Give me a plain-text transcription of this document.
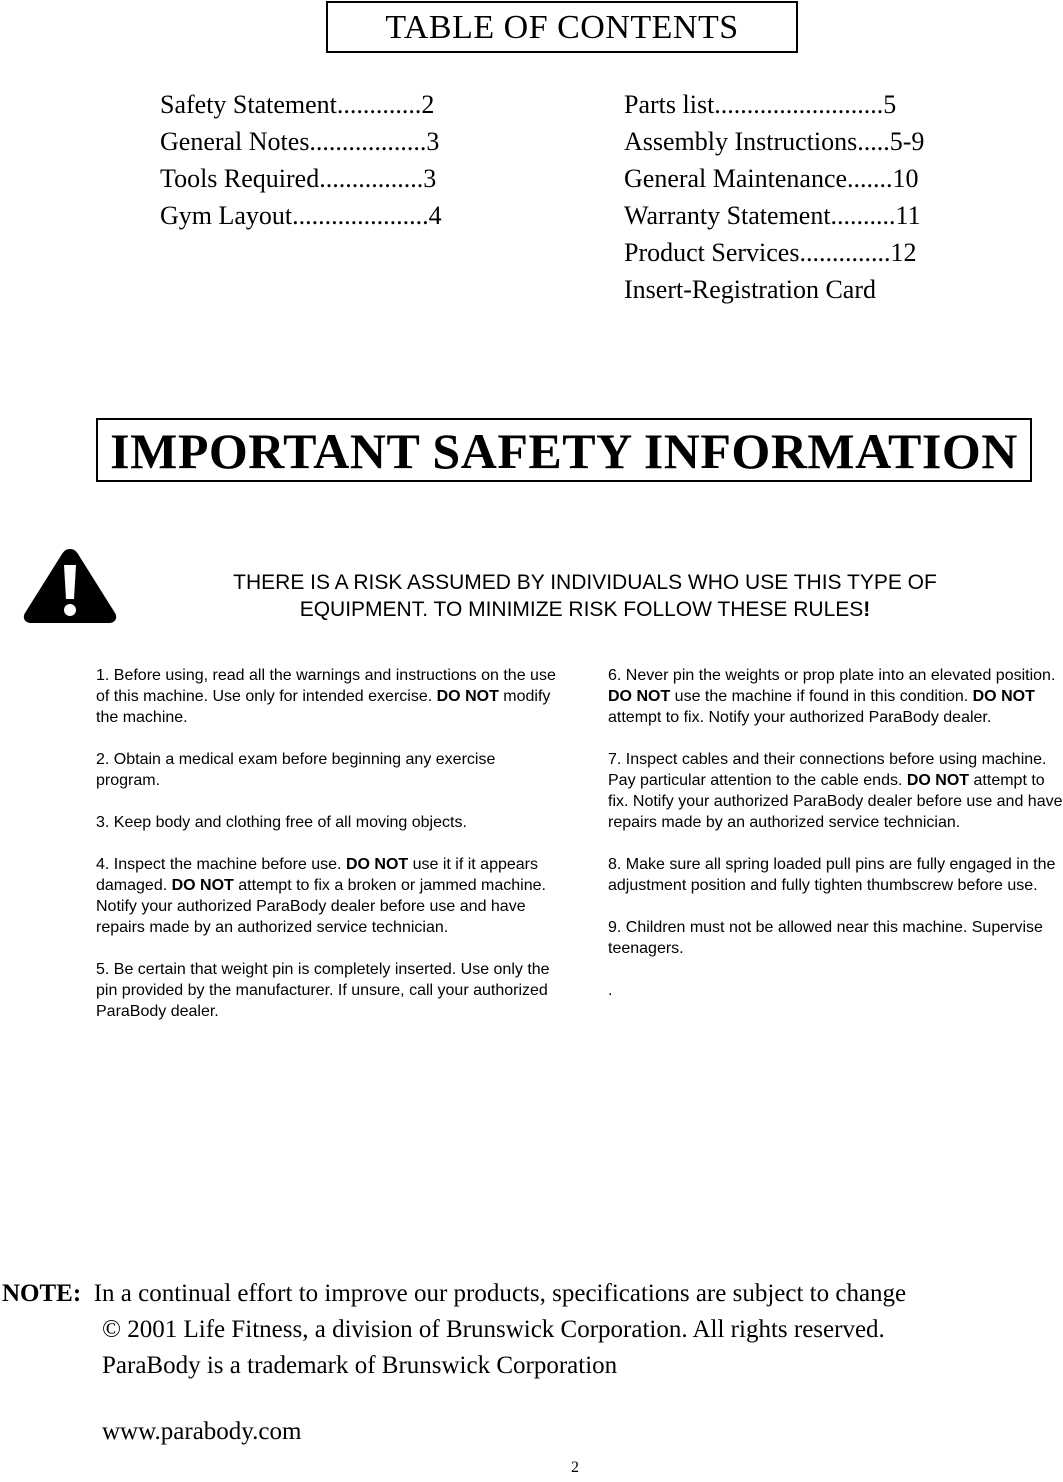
TABLE OF CONTENTS
Safety Statement.............2
General Notes..................3
Tools Required................3
Gym Layout.....................4
Parts list..........................5
Assembly Instructions.....5-9
General Maintenance.......10
Warranty Statement..........11
Product Services..............12
Insert-Registration Card
IMPORTANT SAFETY INFORMATION
THERE IS A RISK ASSUMED BY INDIVIDUALS WHO USE THIS TYPE OF
EQUIPMENT. TO MINIMIZE RISK FOLLOW THESE RULES!

1. Before using, read all the warnings and instructions on the use of this machine. Use only for intended exercise. DO NOT modify the machine.

2. Obtain a medical exam before beginning any exercise program.

3. Keep body and clothing free of all moving objects.

4. Inspect the machine before use. DO NOT use it if it appears damaged. DO NOT attempt to fix a broken or jammed machine. Notify your authorized ParaBody dealer before use and have repairs made by an authorized service technician.

5. Be certain that weight pin is completely inserted. Use only the pin provided by the manufacturer. If unsure, call your authorized ParaBody dealer.

6. Never pin the weights or prop plate into an elevated position. DO NOT use the machine if found in this condition. DO NOT attempt to fix. Notify your authorized ParaBody dealer.

7. Inspect cables and their connections before using machine. Pay particular attention to the cable ends. DO NOT attempt to fix. Notify your authorized ParaBody dealer before use and have repairs made by an authorized service technician.

8. Make sure all spring loaded pull pins are fully engaged in the adjustment position and fully tighten thumbscrew before use.

9. Children must not be allowed near this machine. Supervise teenagers.

.

NOTE:  In a continual effort to improve our products, specifications are subject to change
© 2001 Life Fitness, a division of Brunswick Corporation. All rights reserved.
ParaBody is a trademark of Brunswick Corporation
www.parabody.com
2
